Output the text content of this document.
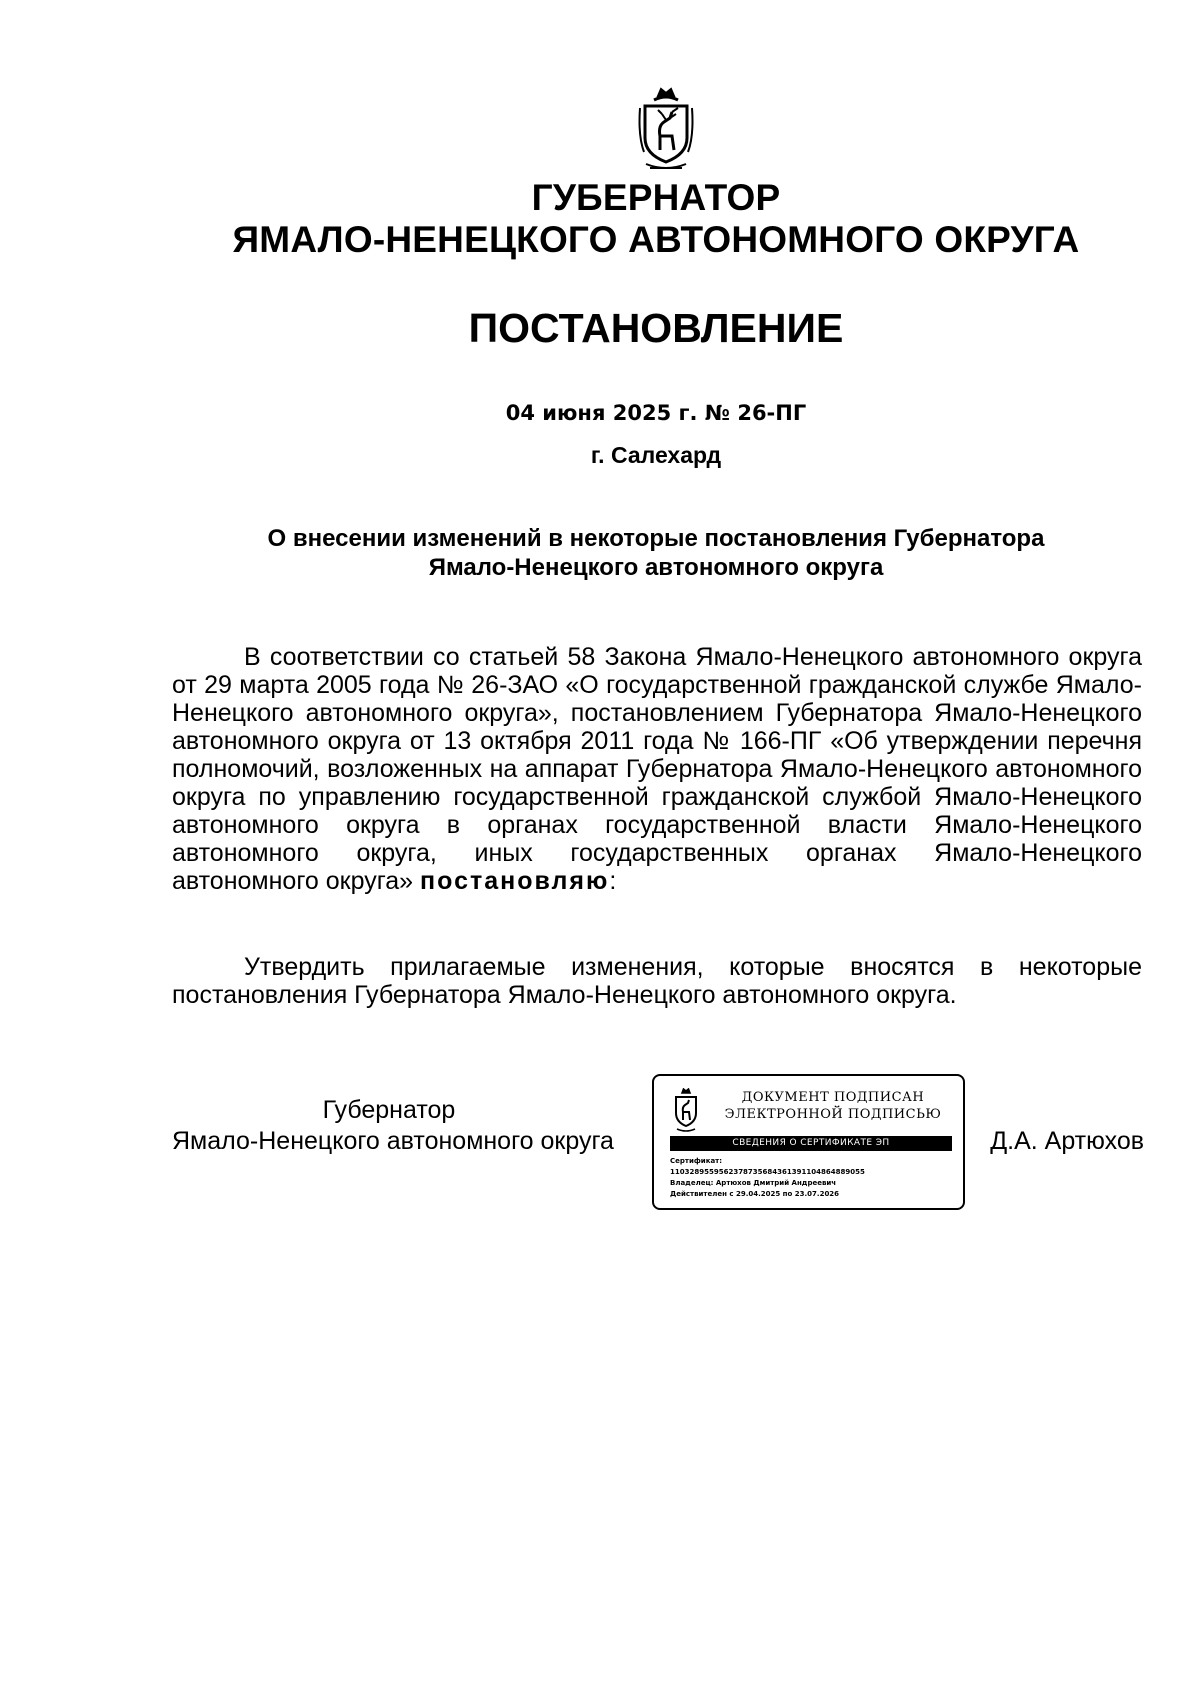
ГУБЕРНАТОР
ЯМАЛО-НЕНЕЦКОГО АВТОНОМНОГО ОКРУГА
ПОСТАНОВЛЕНИЕ
04 июня 2025 г. № 26-ПГ
г. Салехард
О внесении изменений в некоторые постановления Губернатора
Ямало-Ненецкого автономного округа
В соответствии со статьей 58 Закона Ямало-Ненецкого автономного округа от 29 марта 2005 года № 26-ЗАО «О государственной гражданской службе Ямало-Ненецкого автономного округа», постановлением Губернатора Ямало-Ненецкого автономного округа от 13 октября 2011 года № 166-ПГ «Об утверждении перечня полномочий, возложенных на аппарат Губернатора Ямало-Ненецкого автономного округа по управлению государственной гражданской службой Ямало-Ненецкого автономного округа в органах государственной власти Ямало-Ненецкого автономного округа, иных государственных органах Ямало-Ненецкого автономного округа» постановляю:
Утвердить прилагаемые изменения, которые вносятся в некоторые постановления Губернатора Ямало-Ненецкого автономного округа.
Губернатор
Ямало-Ненецкого автономного округа
ДОКУМЕНТ ПОДПИСАН
ЭЛЕКТРОННОЙ ПОДПИСЬЮ
СВЕДЕНИЯ О СЕРТИФИКАТЕ ЭП
Сертификат:
1103289559562378735684361391104864889055
Владелец: Артюхов Дмитрий Андреевич
Действителен с 29.04.2025 по 23.07.2026
Д.А. Артюхов
